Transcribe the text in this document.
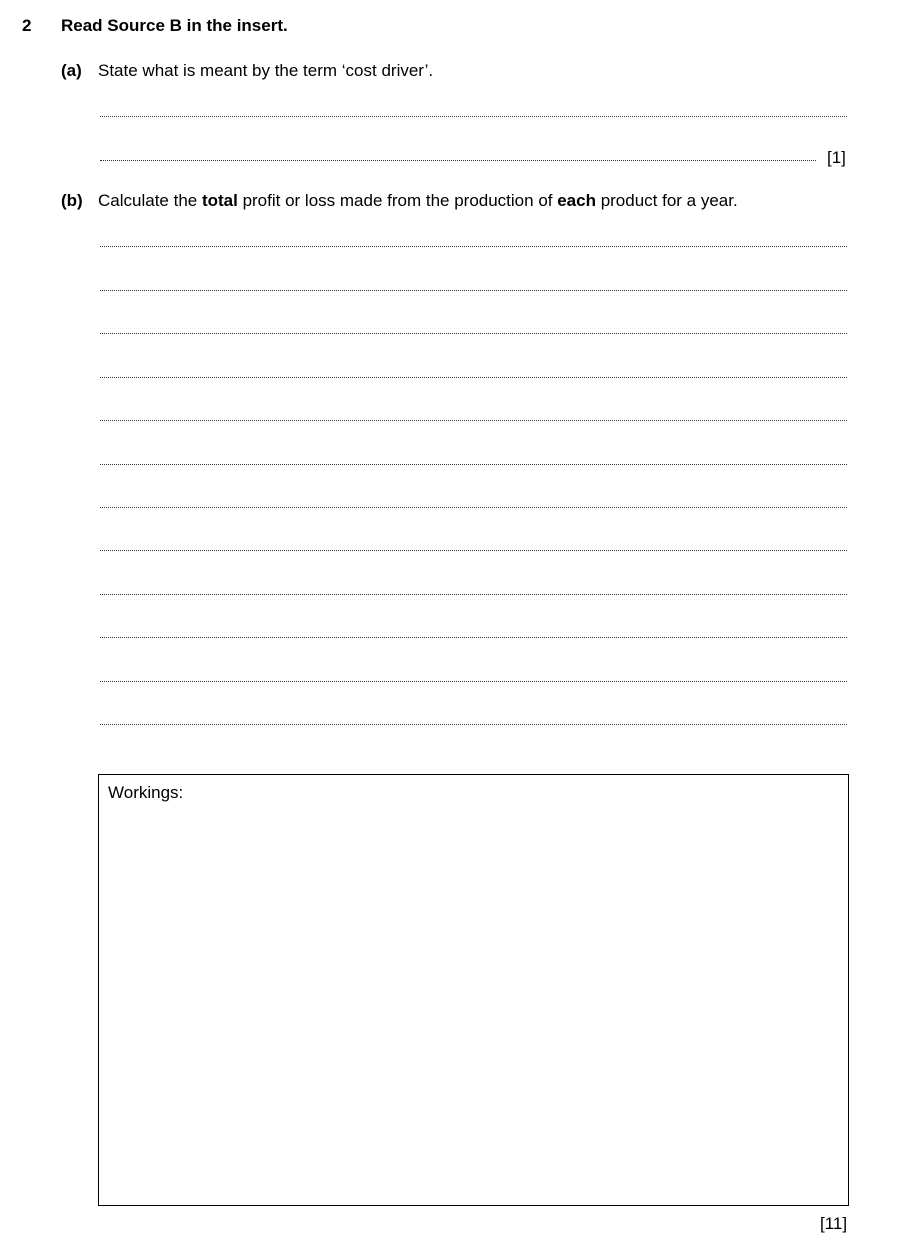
2 Read Source B in the insert.
(a) State what is meant by the term ‘cost driver’.
[1]
(b) Calculate the total profit or loss made from the production of each product for a year.
Workings:
[11]
